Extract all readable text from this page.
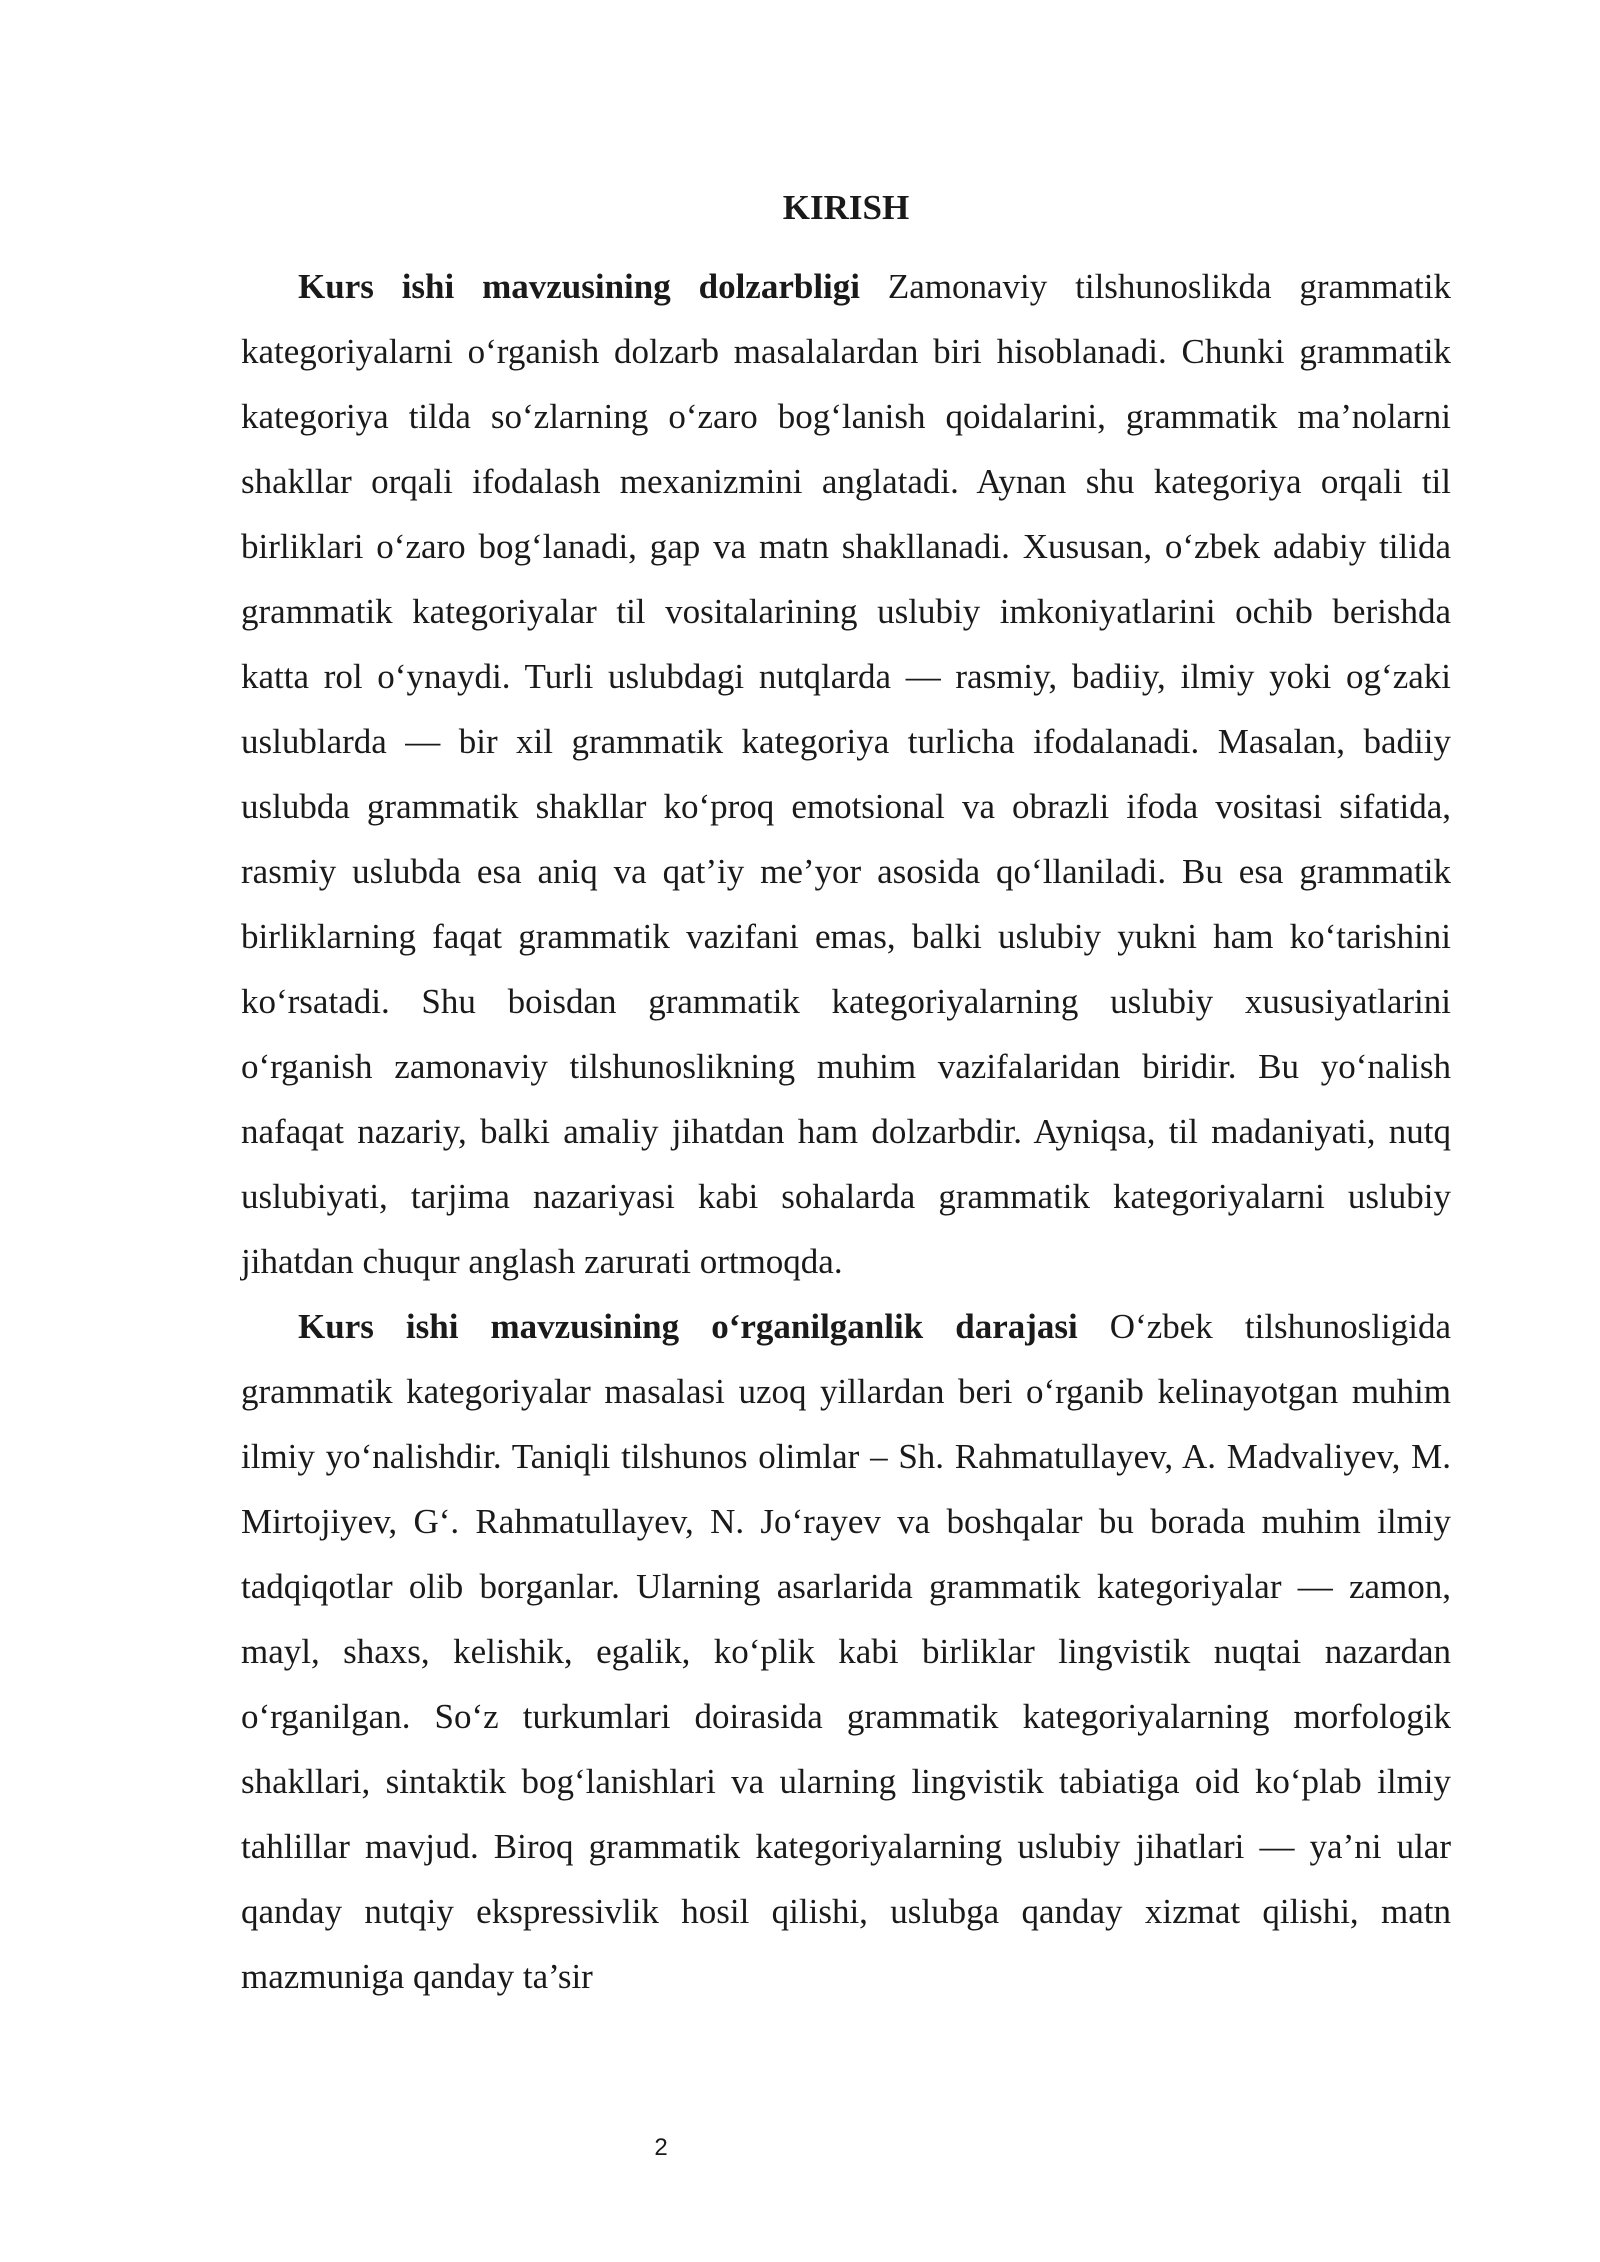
KIRISH

Kurs ishi mavzusining dolzarbligi Zamonaviy tilshunoslikda grammatik kategoriyalarni o‘rganish dolzarb masalalardan biri hisoblanadi. Chunki grammatik kategoriya tilda so‘zlarning o‘zaro bog‘lanish qoidalarini, grammatik ma’nolarni shakllar orqali ifodalash mexanizmini anglatadi. Aynan shu kategoriya orqali til birliklari o‘zaro bog‘lanadi, gap va matn shakllanadi. Xususan, o‘zbek adabiy tilida grammatik kategoriyalar til vositalarining uslubiy imkoniyatlarini ochib berishda katta rol o‘ynaydi. Turli uslubdagi nutqlarda — rasmiy, badiiy, ilmiy yoki og‘zaki uslublarda — bir xil grammatik kategoriya turlicha ifodalanadi. Masalan, badiiy uslubda grammatik shakllar ko‘proq emotsional va obrazli ifoda vositasi sifatida, rasmiy uslubda esa aniq va qat’iy me’yor asosida qo‘llaniladi. Bu esa grammatik birliklarning faqat grammatik vazifani emas, balki uslubiy yukni ham ko‘tarishini ko‘rsatadi. Shu boisdan grammatik kategoriyalarning uslubiy xususiyatlarini o‘rganish zamonaviy tilshunoslikning muhim vazifalaridan biridir. Bu yo‘nalish nafaqat nazariy, balki amaliy jihatdan ham dolzarbdir. Ayniqsa, til madaniyati, nutq uslubiyati, tarjima nazariyasi kabi sohalarda grammatik kategoriyalarni uslubiy jihatdan chuqur anglash zarurati ortmoqda.

Kurs ishi mavzusining o‘rganilganlik darajasi O‘zbek tilshunosligida grammatik kategoriyalar masalasi uzoq yillardan beri o‘rganib kelinayotgan muhim ilmiy yo‘nalishdir. Taniqli tilshunos olimlar – Sh. Rahmatullayev, A. Madvaliyev, M. Mirtojiyev, G‘. Rahmatullayev, N. Jo‘rayev va boshqalar bu borada muhim ilmiy tadqiqotlar olib borganlar. Ularning asarlarida grammatik kategoriyalar — zamon, mayl, shaxs, kelishik, egalik, ko‘plik kabi birliklar lingvistik nuqtai nazardan o‘rganilgan. So‘z turkumlari doirasida grammatik kategoriyalarning morfologik shakllari, sintaktik bog‘lanishlari va ularning lingvistik tabiatiga oid ko‘plab ilmiy tahlillar mavjud. Biroq grammatik kategoriyalarning uslubiy jihatlari — ya’ni ular qanday nutqiy ekspressivlik hosil qilishi, uslubga qanday xizmat qilishi, matn mazmuniga qanday ta’sir

2
